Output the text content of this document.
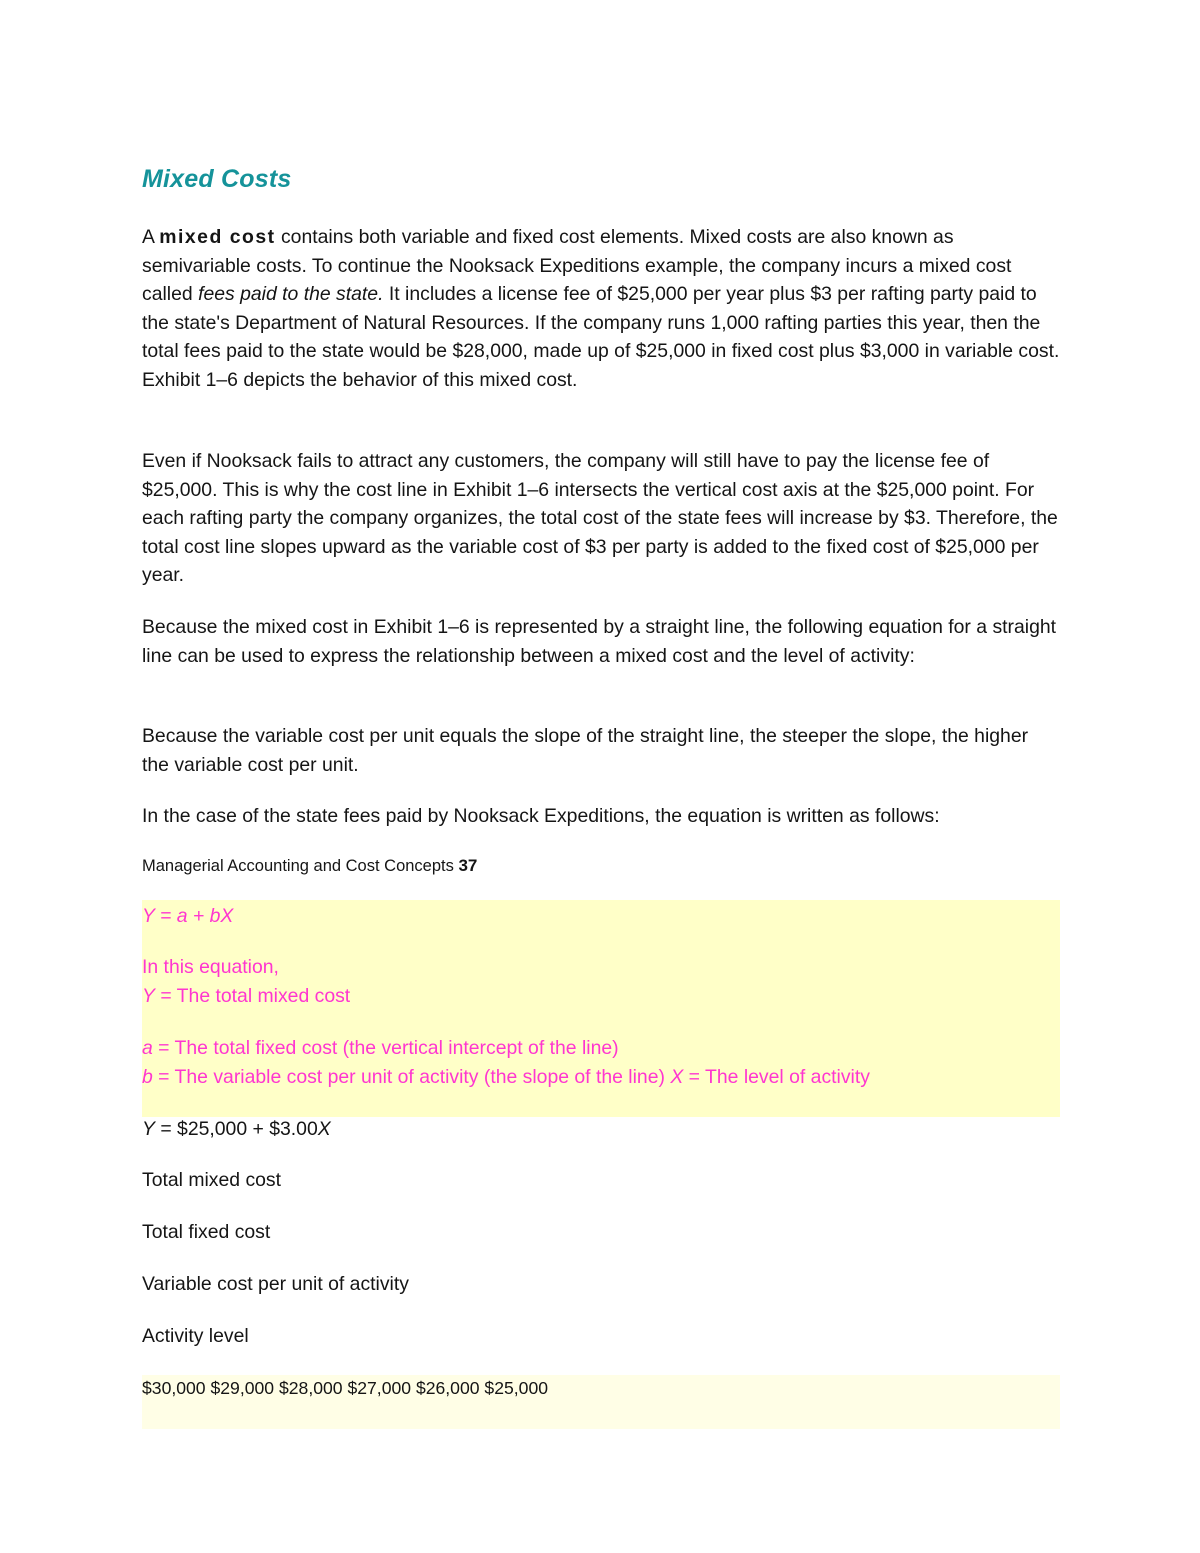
Mixed Costs

A mixed cost contains both variable and fixed cost elements. Mixed costs are also known as semivariable costs. To continue the Nooksack Expeditions example, the company incurs a mixed cost called fees paid to the state. It includes a license fee of $25,000 per year plus $3 per rafting party paid to the state's Department of Natural Resources. If the company runs 1,000 rafting parties this year, then the total fees paid to the state would be $28,000, made up of $25,000 in fixed cost plus $3,000 in variable cost. Exhibit 1–6 depicts the behavior of this mixed cost.

Even if Nooksack fails to attract any customers, the company will still have to pay the license fee of $25,000. This is why the cost line in Exhibit 1–6 intersects the vertical cost axis at the $25,000 point. For each rafting party the company organizes, the total cost of the state fees will increase by $3. Therefore, the total cost line slopes upward as the variable cost of $3 per party is added to the fixed cost of $25,000 per year.

Because the mixed cost in Exhibit 1–6 is represented by a straight line, the following equation for a straight line can be used to express the relationship between a mixed cost and the level of activity:

Because the variable cost per unit equals the slope of the straight line, the steeper the slope, the higher the variable cost per unit.

In the case of the state fees paid by Nooksack Expeditions, the equation is written as follows:

Managerial Accounting and Cost Concepts 37

Y = a + bX

In this equation,

Y = The total mixed cost

a = The total fixed cost (the vertical intercept of the line)

b = The variable cost per unit of activity (the slope of the line) X = The level of activity

Y = $25,000 + $3.00X

Total mixed cost

Total fixed cost

Variable cost per unit of activity

Activity level

$30,000 $29,000 $28,000 $27,000 $26,000 $25,000
